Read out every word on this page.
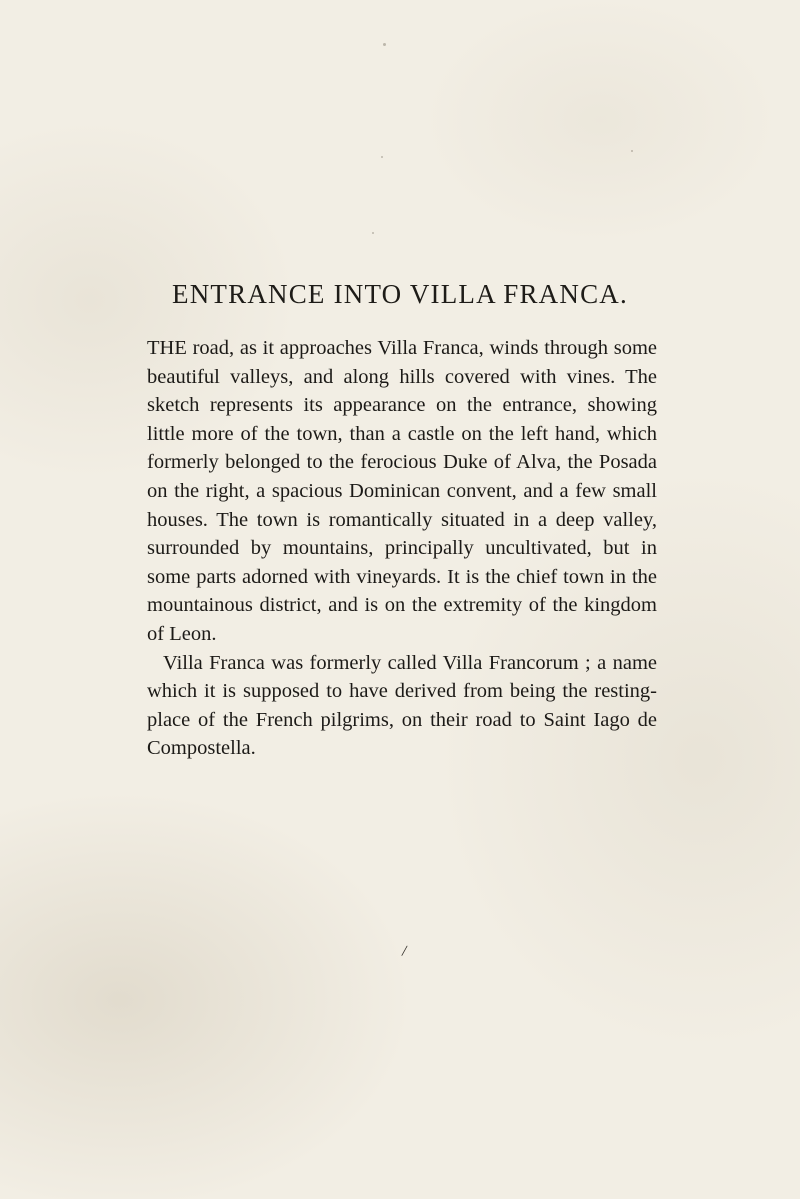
ENTRANCE INTO VILLA FRANCA.

THE road, as it approaches Villa Franca, winds through some beautiful valleys, and along hills covered with vines. The sketch represents its appearance on the entrance, showing little more of the town, than a castle on the left hand, which formerly belonged to the ferocious Duke of Alva, the Posada on the right, a spacious Dominican convent, and a few small houses. The town is romantically situated in a deep valley, surrounded by mountains, principally uncultivated, but in some parts adorned with vineyards. It is the chief town in the mountainous district, and is on the extremity of the kingdom of Leon.

Villa Franca was formerly called Villa Francorum ; a name which it is supposed to have derived from being the resting-place of the French pilgrims, on their road to Saint Iago de Compostella.

/
